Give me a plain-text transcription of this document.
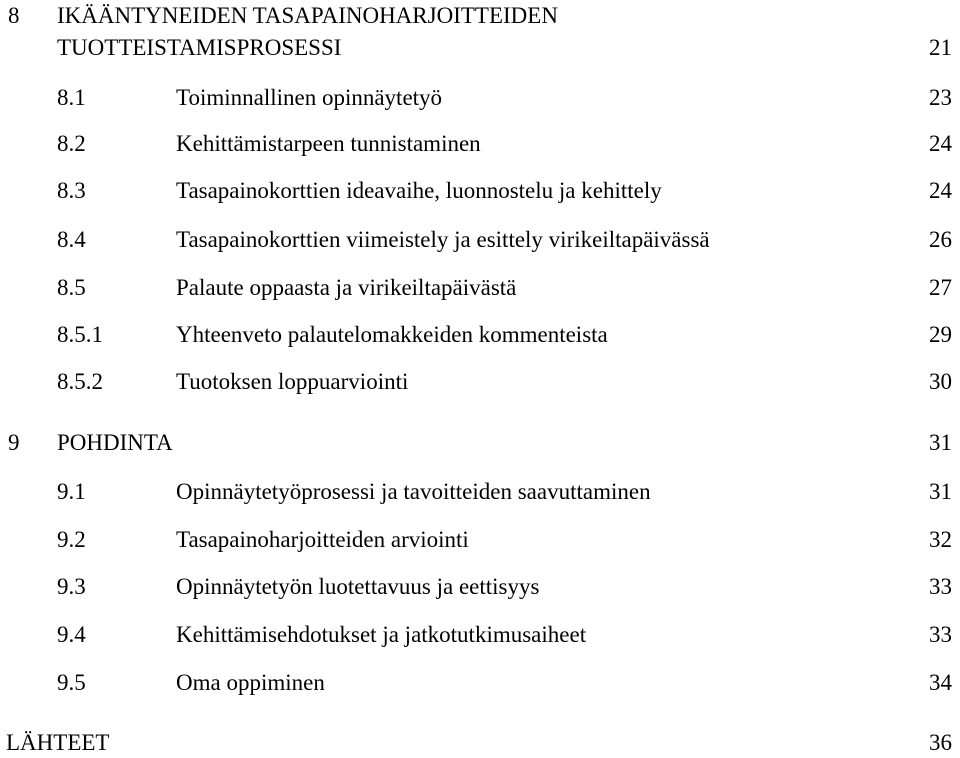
8 IKÄÄNTYNEIDEN TASAPAINOHARJOITTEIDEN
TUOTTEISTAMISPROSESSI	21
8.1	Toiminnallinen opinnäytetyö	23
8.2	Kehittämistarpeen tunnistaminen	24
8.3	Tasapainokorttien ideavaihe, luonnostelu ja kehittely	24
8.4	Tasapainokorttien viimeistely ja esittely virikeiltapäivässä	26
8.5	Palaute oppaasta ja virikeiltapäivästä	27
8.5.1	Yhteenveto palautelomakkeiden kommenteista	29
8.5.2	Tuotoksen loppuarviointi	30
9 POHDINTA	31
9.1	Opinnäytetyöprosessi ja tavoitteiden saavuttaminen	31
9.2	Tasapainoharjoitteiden arviointi	32
9.3	Opinnäytetyön luotettavuus ja eettisyys	33
9.4	Kehittämisehdotukset ja jatkotutkimusaiheet	33
9.5	Oma oppiminen	34
LÄHTEET	36
